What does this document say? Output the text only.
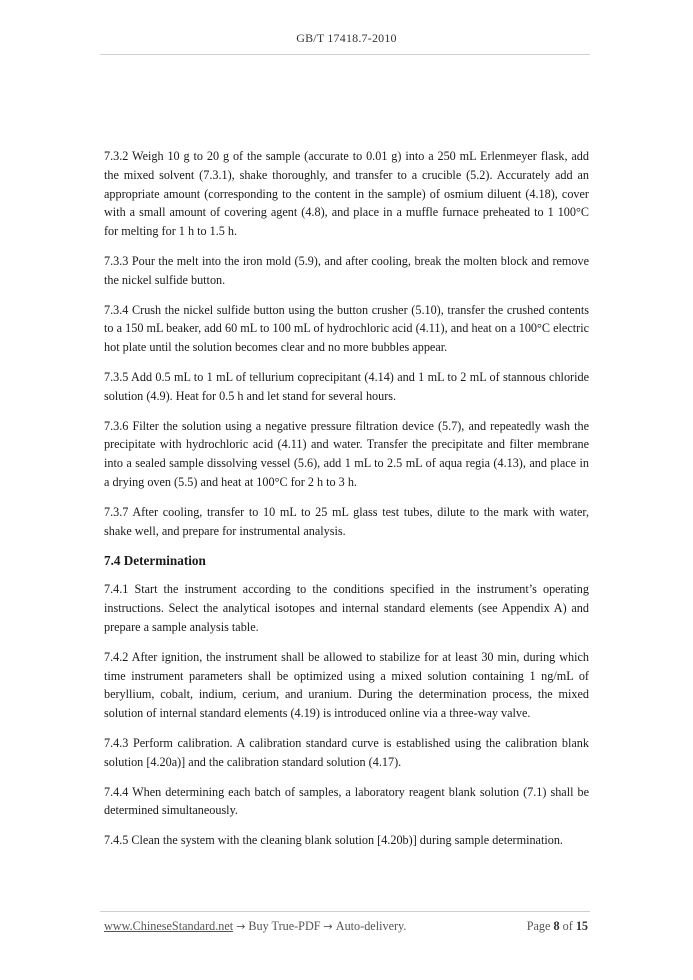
GB/T 17418.7-2010

7.3.2 Weigh 10 g to 20 g of the sample (accurate to 0.01 g) into a 250 mL Erlenmeyer flask, add the mixed solvent (7.3.1), shake thoroughly, and transfer to a crucible (5.2). Accurately add an appropriate amount (corresponding to the content in the sample) of osmium diluent (4.18), cover with a small amount of covering agent (4.8), and place in a muffle furnace preheated to 1 100°C for melting for 1 h to 1.5 h.

7.3.3 Pour the melt into the iron mold (5.9), and after cooling, break the molten block and remove the nickel sulfide button.

7.3.4 Crush the nickel sulfide button using the button crusher (5.10), transfer the crushed contents to a 150 mL beaker, add 60 mL to 100 mL of hydrochloric acid (4.11), and heat on a 100°C electric hot plate until the solution becomes clear and no more bubbles appear.

7.3.5 Add 0.5 mL to 1 mL of tellurium coprecipitant (4.14) and 1 mL to 2 mL of stannous chloride solution (4.9). Heat for 0.5 h and let stand for several hours.

7.3.6 Filter the solution using a negative pressure filtration device (5.7), and repeatedly wash the precipitate with hydrochloric acid (4.11) and water. Transfer the precipitate and filter membrane into a sealed sample dissolving vessel (5.6), add 1 mL to 2.5 mL of aqua regia (4.13), and place in a drying oven (5.5) and heat at 100°C for 2 h to 3 h.

7.3.7 After cooling, transfer to 10 mL to 25 mL glass test tubes, dilute to the mark with water, shake well, and prepare for instrumental analysis.

7.4 Determination

7.4.1 Start the instrument according to the conditions specified in the instrument’s operating instructions. Select the analytical isotopes and internal standard elements (see Appendix A) and prepare a sample analysis table.

7.4.2 After ignition, the instrument shall be allowed to stabilize for at least 30 min, during which time instrument parameters shall be optimized using a mixed solution containing 1 ng/mL of beryllium, cobalt, indium, cerium, and uranium. During the determination process, the mixed solution of internal standard elements (4.19) is introduced online via a three-way valve.

7.4.3 Perform calibration. A calibration standard curve is established using the calibration blank solution [4.20a)] and the calibration standard solution (4.17).

7.4.4 When determining each batch of samples, a laboratory reagent blank solution (7.1) shall be determined simultaneously.

7.4.5 Clean the system with the cleaning blank solution [4.20b)] during sample determination.

www.ChineseStandard.net → Buy True-PDF → Auto-delivery.	Page 8 of 15
